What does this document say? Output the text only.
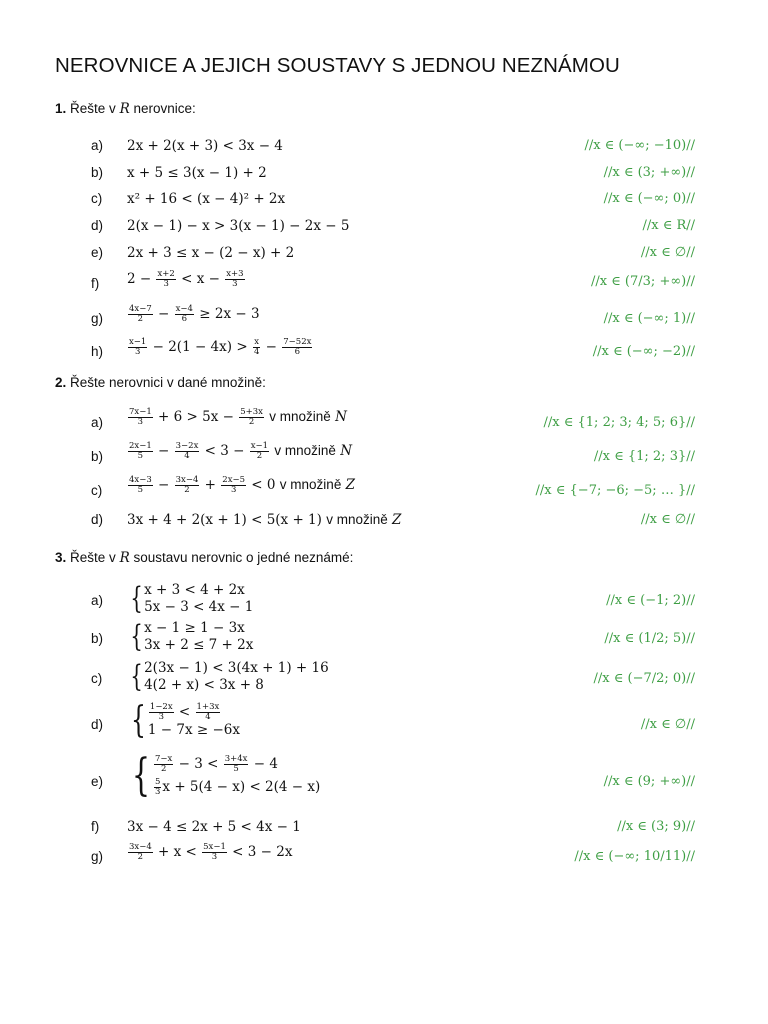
NEROVNICE A JEJICH SOUSTAVY S JEDNOU NEZNÁMOU
1. Řešte v R nerovnice:
a) 2x + 2(x + 3) < 3x − 4	//x ∈ (−∞; −10)//
b) x + 5 ≤ 3(x − 1) + 2	//x ∈ (3; +∞)//
c) x² + 16 < (x − 4)² + 2x	//x ∈ (−∞; 0)//
d) 2(x − 1) − x > 3(x − 1) − 2x − 5	//x ∈ R//
e) 2x + 3 ≤ x − (2 − x) + 2	//x ∈ ∅//
f) $2 - \frac{x+2}{3} < x - \frac{x+3}{3}$	//x ∈ (7/3; +∞)//
g)	$\frac{4x-7}{2} - \frac{x-4}{6} \ge 2x - 3$	//x ∈ (−∞; 1)//
h)	$\frac{x-1}{3} - 2(1 - 4x) > \frac{x}{4} - \frac{7-52x}{6}$	//x ∈ (−∞; −2)//
2. Řešte nerovnici v dané množině:
a)	$\frac{7x-1}{3} + 6 > 5x - \frac{5+3x}{2}$ v množině N	//x ∈ {1; 2; 3; 4; 5; 6}//
b)	$\frac{2x-1}{5} - \frac{3-2x}{4} < 3 - \frac{x-1}{2}$ v množině N	//x ∈ {1; 2; 3}//
c)	$\frac{4x-3}{5} - \frac{3x-4}{2} + \frac{2x-5}{3} < 0$ v množině Z	//x ∈ {−7; −6; −5; … }//
d) 3x + 4 + 2(x + 1) < 5(x + 1) v množině Z	//x ∈ ∅//
3. Řešte v R soustavu nerovnic o jedné neznámé:
a) {x + 3 < 4 + 2x
5x − 3 < 4x − 1	//x ∈ (−1; 2)//
b) {x − 1 ≥ 1 − 3x
3x + 2 ≤ 7 + 2x	//x ∈ (1/2; 5)//
c) {2(3x − 1) < 3(4x + 1) + 16
4(2 + x) < 3x + 8	//x ∈ (−7/2; 0)//
d) { $\frac{1-2x}{3} < \frac{1+3x}{4}$

1 − 7x ≥ −6x	//x ∈ ∅//
e) { $\frac{7-x}{2} - 3 < \frac{3+4x}{5} - 4$

$\frac{5}{3}$ x + 5(4 − x) < 2(4 − x)	//x ∈ (9; +∞)//
f) 3x − 4 ≤ 2x + 5 < 4x − 1	//x ∈ (3; 9)//
g)	$\frac{3x-4}{2} + x < \frac{5x-1}{3} < 3 - 2x$	//x ∈ (−∞; 10/11)//
